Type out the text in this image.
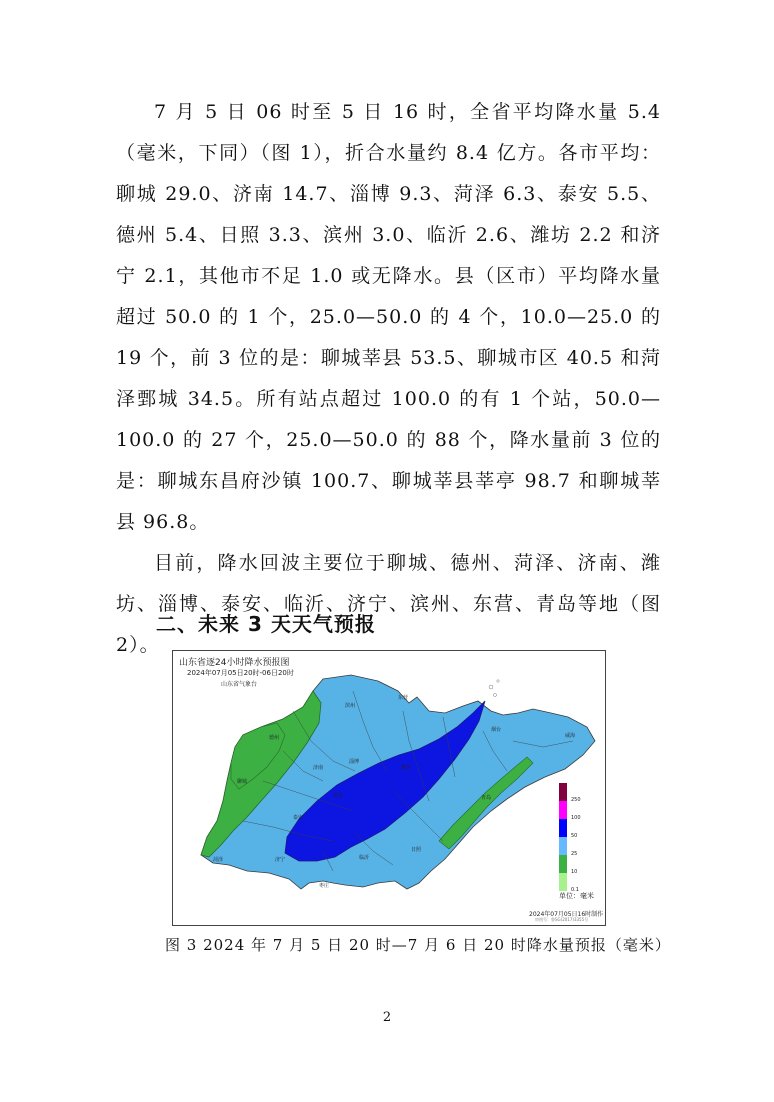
7 月 5 日 06 时至 5 日 16 时，全省平均降水量 5.4（毫米，下同）（图 1），折合水量约 8.4 亿方。各市平均：聊城 29.0、济南 14.7、淄博 9.3、菏泽 6.3、泰安 5.5、德州 5.4、日照 3.3、滨州 3.0、临沂 2.6、潍坊 2.2 和济宁 2.1，其他市不足 1.0 或无降水。县（区市）平均降水量超过 50.0 的 1 个，25.0—50.0 的 4 个，10.0—25.0 的 19 个，前 3 位的是：聊城莘县 53.5、聊城市区 40.5 和菏泽鄄城 34.5。所有站点超过 100.0 的有 1 个站，50.0—100.0 的 27 个，25.0—50.0 的 88 个，降水量前 3 位的是：聊城东昌府沙镇 100.7、聊城莘县莘亭 98.7 和聊城莘县 96.8。

目前，降水回波主要位于聊城、德州、菏泽、济南、潍坊、淄博、泰安、临沂、济宁、滨州、东营、青岛等地（图 2）。

二、未来 3 天天气预报
德州
滨州
东营
聊城
济南
淄博
潍坊
泰安
菏泽	济宁	临沂
枣庄
日照
青岛
烟台
威海
莱芜
山东省逐24小时降水预报图
2024年07月05日20时-06日20时
山东省气象台
250
100
50
25
10
0.1
单位：毫米
2024年07月05日16时制作
审图号：鲁SG(2017)3355号
图 3 2024 年 7 月 5 日 20 时—7 月 6 日 20 时降水量预报（毫米）
2
